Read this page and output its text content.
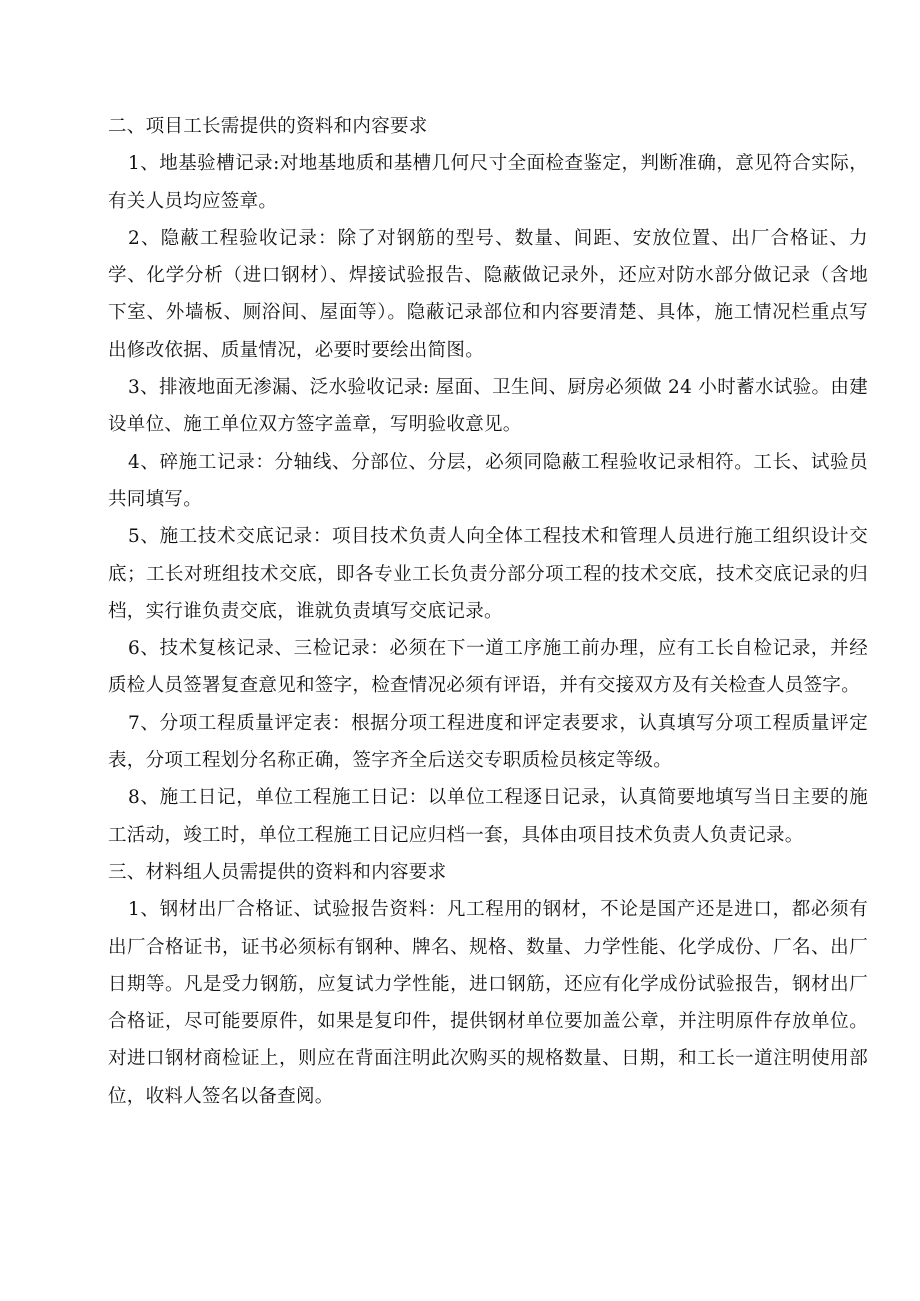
二、项目工长需提供的资料和内容要求

1、地基验槽记录:对地基地质和基槽几何尺寸全面检查鉴定，判断准确，意见符合实际，有关人员均应签章。

2、隐蔽工程验收记录：除了对钢筋的型号、数量、间距、安放位置、出厂合格证、力学、化学分析（进口钢材）、焊接试验报告、隐蔽做记录外，还应对防水部分做记录（含地下室、外墙板、厕浴间、屋面等）。隐蔽记录部位和内容要清楚、具体，施工情况栏重点写出修改依据、质量情况，必要时要绘出简图。

3、排液地面无渗漏、泛水验收记录: 屋面、卫生间、厨房必须做 24 小时蓄水试验。由建设单位、施工单位双方签字盖章，写明验收意见。

4、碎施工记录：分轴线、分部位、分层，必须同隐蔽工程验收记录相符。工长、试验员共同填写。

5、施工技术交底记录：项目技术负责人向全体工程技术和管理人员进行施工组织设计交底；工长对班组技术交底，即各专业工长负责分部分项工程的技术交底，技术交底记录的归档，实行谁负责交底，谁就负责填写交底记录。

6、技术复核记录、三检记录：必须在下一道工序施工前办理，应有工长自检记录，并经质检人员签署复查意见和签字，检查情况必须有评语，并有交接双方及有关检查人员签字。

7、分项工程质量评定表：根据分项工程进度和评定表要求，认真填写分项工程质量评定表，分项工程划分名称正确，签字齐全后送交专职质检员核定等级。

8、施工日记，单位工程施工日记：以单位工程逐日记录，认真简要地填写当日主要的施工活动，竣工时，单位工程施工日记应归档一套，具体由项目技术负责人负责记录。

三、材料组人员需提供的资料和内容要求

1、钢材出厂合格证、试验报告资料：凡工程用的钢材，不论是国产还是进口，都必须有出厂合格证书，证书必须标有钢种、牌名、规格、数量、力学性能、化学成份、厂名、出厂日期等。凡是受力钢筋，应复试力学性能，进口钢筋，还应有化学成份试验报告，钢材出厂合格证，尽可能要原件，如果是复印件，提供钢材单位要加盖公章，并注明原件存放单位。对进口钢材商检证上，则应在背面注明此次购买的规格数量、日期，和工长一道注明使用部位，收料人签名以备查阅。
